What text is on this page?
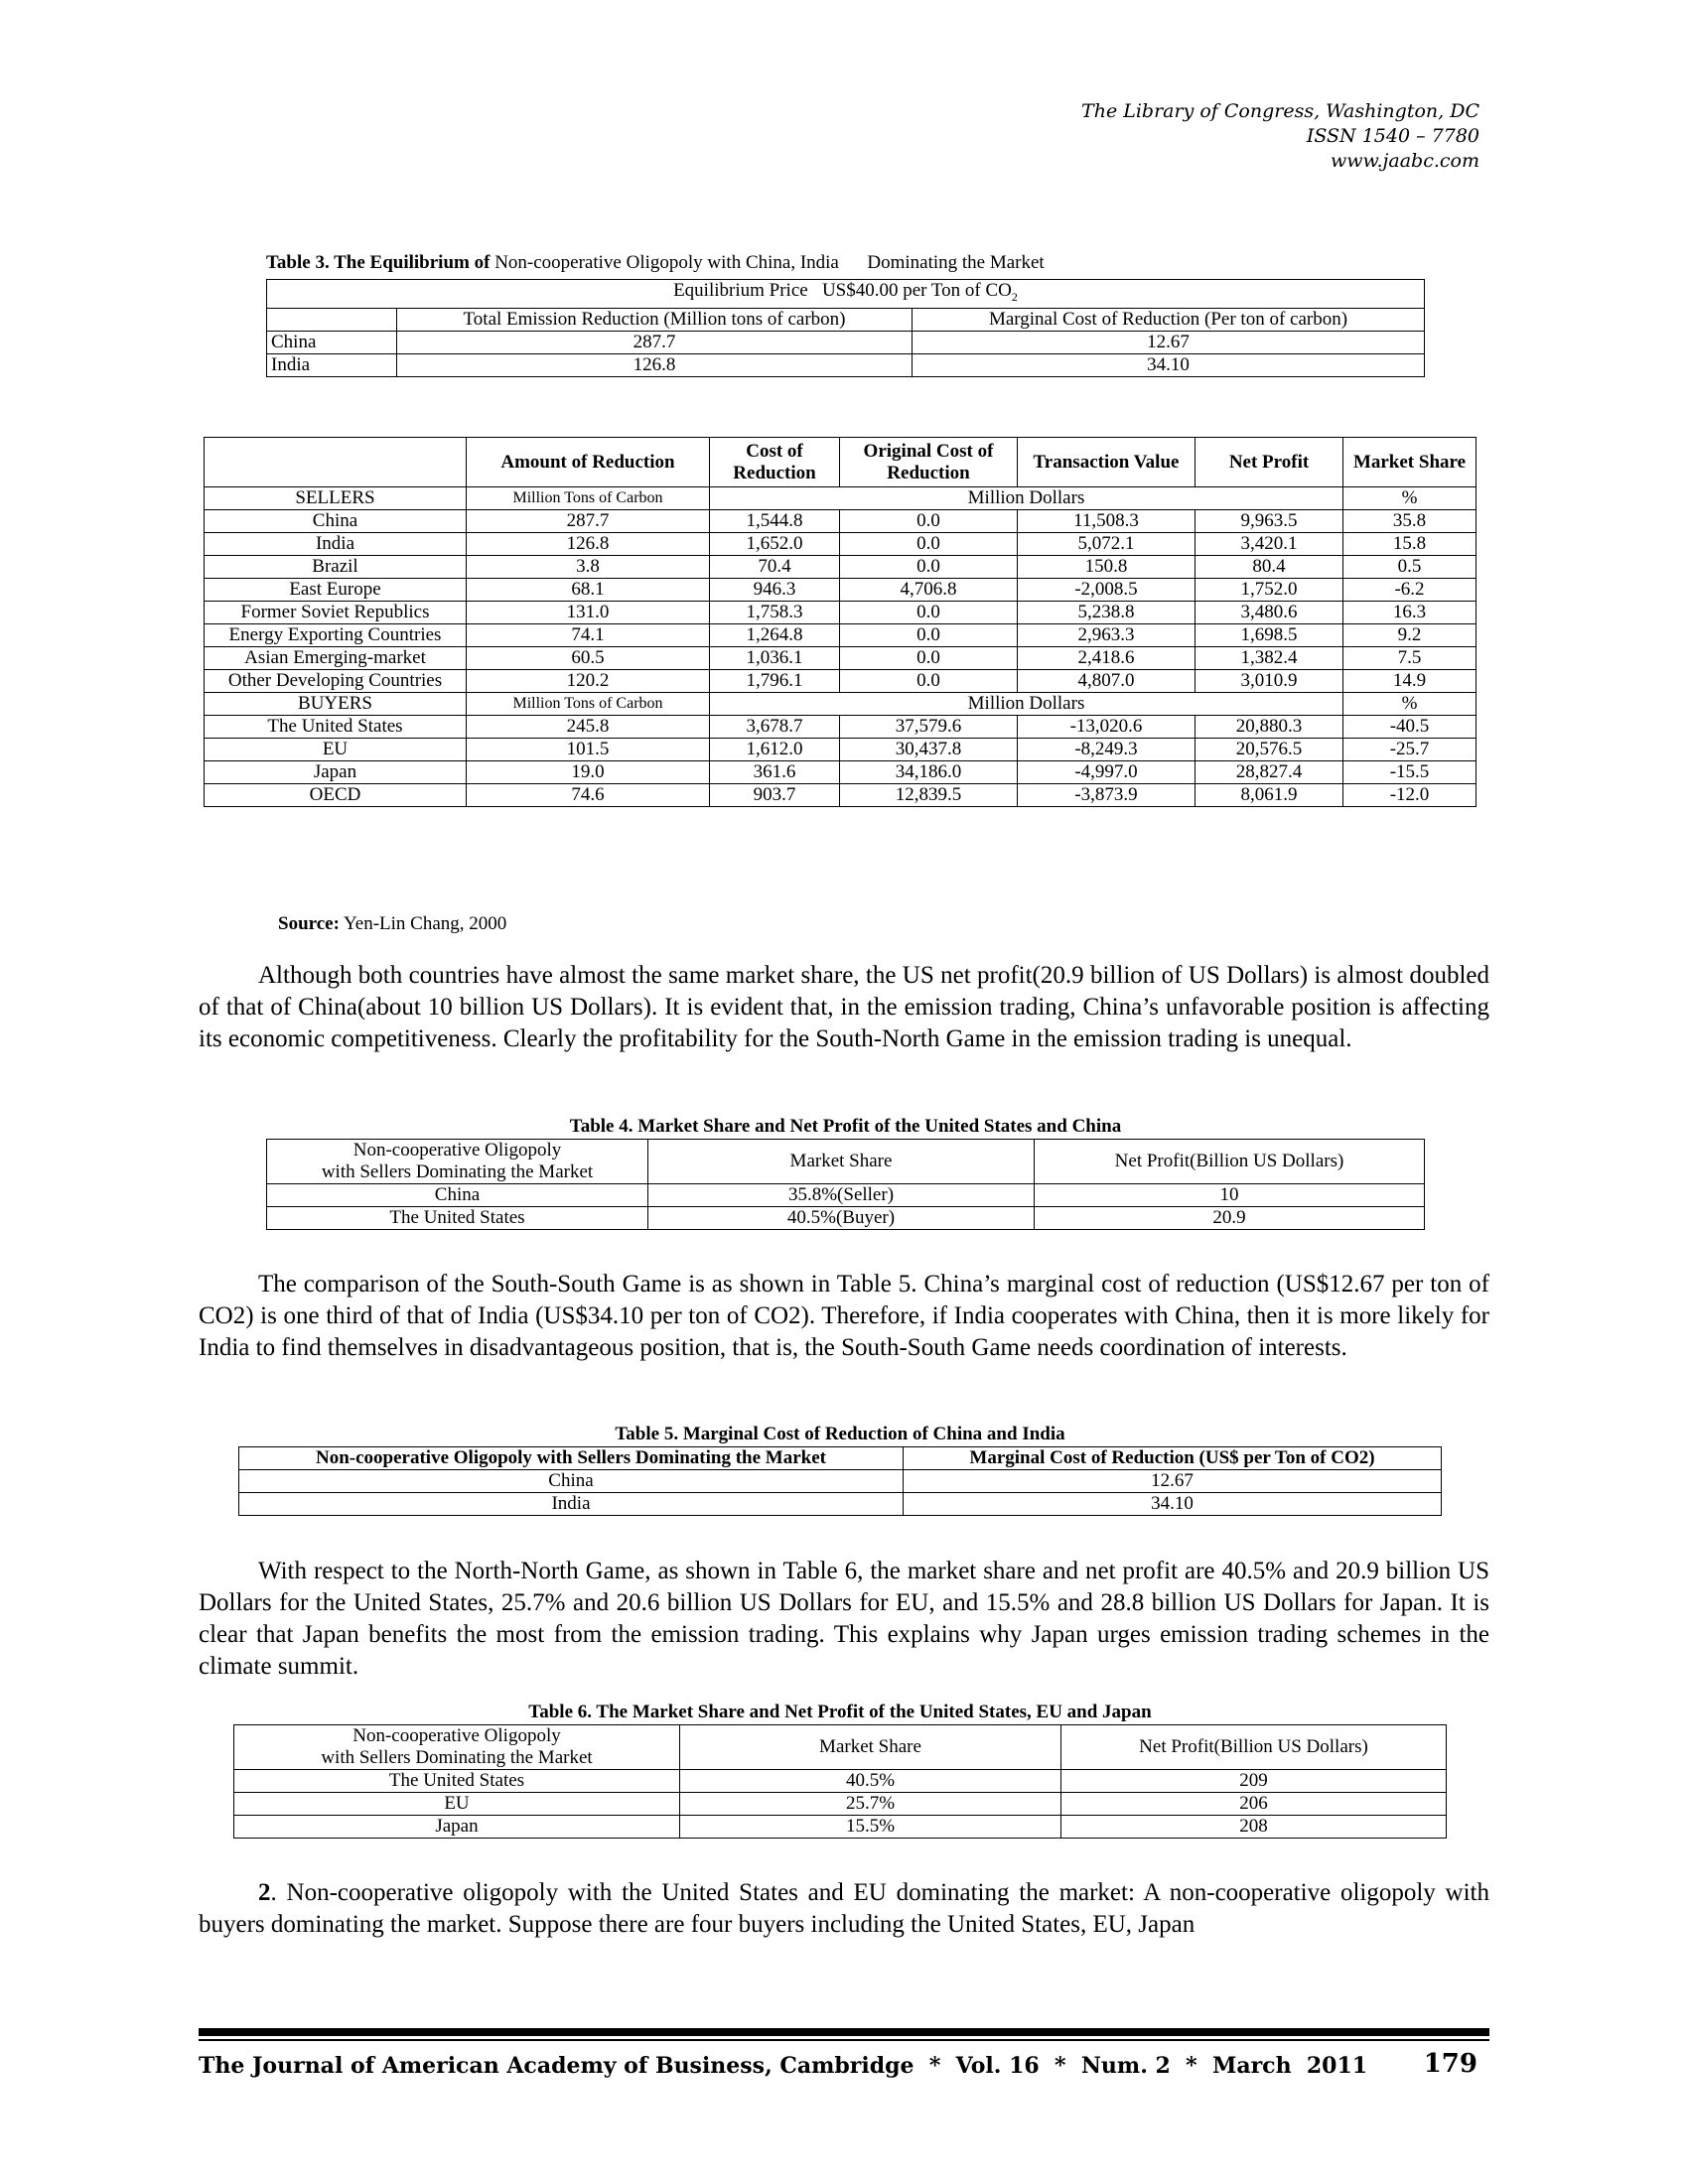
The Library of Congress, Washington, DC
ISSN 1540 – 7780
www.jaabc.com
Table 3. The Equilibrium of Non-cooperative Oligopoly with China, India      Dominating the Market
Equilibrium Price   US$40.00 per Ton of $CO_2$
	Total Emission Reduction (Million tons of carbon)	Marginal Cost of Reduction (Per ton of carbon)
China	287.7	12.67
India	126.8	34.10
	Amount of Reduction	Cost of Reduction	Original Cost of Reduction	Transaction Value	Net Profit	Market Share
SELLERS	Million Tons of Carbon	Million Dollars				%
China	287.7	1,544.8	0.0	11,508.3	9,963.5	35.8
India	126.8	1,652.0	0.0	5,072.1	3,420.1	15.8
Brazil	3.8	70.4	0.0	150.8	80.4	0.5
East Europe	68.1	946.3	4,706.8	-2,008.5	1,752.0	-6.2
Former Soviet Republics	131.0	1,758.3	0.0	5,238.8	3,480.6	16.3
Energy Exporting Countries	74.1	1,264.8	0.0	2,963.3	1,698.5	9.2
Asian Emerging-market	60.5	1,036.1	0.0	2,418.6	1,382.4	7.5
Other Developing Countries	120.2	1,796.1	0.0	4,807.0	3,010.9	14.9
BUYERS	Million Tons of Carbon	Million Dollars				%
The United States	245.8	3,678.7	37,579.6	-13,020.6	20,880.3	-40.5
EU	101.5	1,612.0	30,437.8	-8,249.3	20,576.5	-25.7
Japan	19.0	361.6	34,186.0	-4,997.0	28,827.4	-15.5
OECD	74.6	903.7	12,839.5	-3,873.9	8,061.9	-12.0
Source: Yen-Lin Chang, 2000

Although both countries have almost the same market share, the US net profit(20.9 billion of US Dollars) is almost doubled of that of China(about 10 billion US Dollars). It is evident that, in the emission trading, China’s unfavorable position is affecting its economic competitiveness. Clearly the profitability for the South-North Game in the emission trading is unequal.

Table 4. Market Share and Net Profit of the United States and China
Non-cooperative Oligopoly
with Sellers Dominating the Market	Market Share	Net Profit(Billion US Dollars)
China	35.8%(Seller)	10
The United States	40.5%(Buyer)	20.9

The comparison of the South-South Game is as shown in Table 5. China’s marginal cost of reduction (US$12.67 per ton of CO2) is one third of that of India (US$34.10 per ton of CO2). Therefore, if India cooperates with China, then it is more likely for India to find themselves in disadvantageous position, that is, the South-South Game needs coordination of interests.

Table 5. Marginal Cost of Reduction of China and India
Non-cooperative Oligopoly with Sellers Dominating the Market	Marginal Cost of Reduction (US$ per Ton of CO2)
China	12.67
India	34.10

With respect to the North-North Game, as shown in Table 6, the market share and net profit are 40.5% and 20.9 billion US Dollars for the United States, 25.7% and 20.6 billion US Dollars for EU, and 15.5% and 28.8 billion US Dollars for Japan. It is clear that Japan benefits the most from the emission trading. This explains why Japan urges emission trading schemes in the climate summit.

Table 6. The Market Share and Net Profit of the United States, EU and Japan
Non-cooperative Oligopoly
with Sellers Dominating the Market	Market Share	Net Profit(Billion US Dollars)
The United States	40.5%	209
EU	25.7%	206
Japan	15.5%	208

2. Non-cooperative oligopoly with the United States and EU dominating the market: A non-cooperative oligopoly with buyers dominating the market. Suppose there are four buyers including the United States, EU, Japan

The Journal of American Academy of Business, Cambridge  *  Vol. 16  *  Num. 2  *  March  2011 179
